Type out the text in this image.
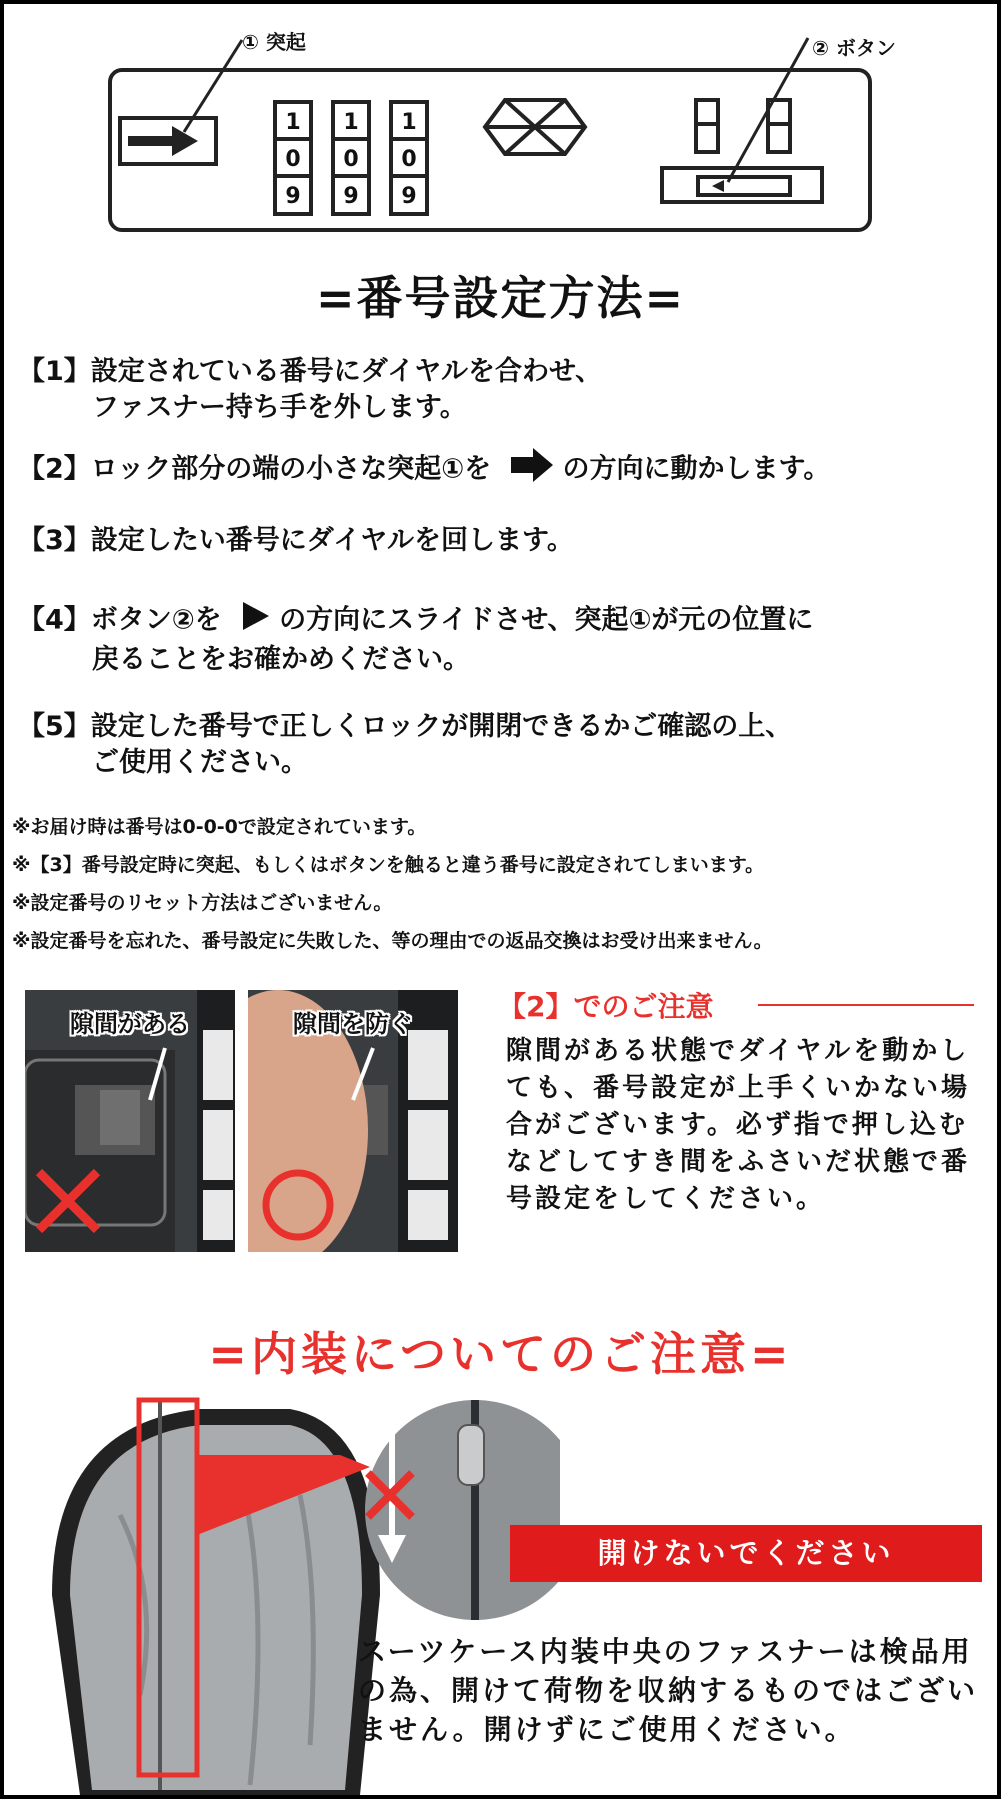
1
0
9
1
0
9
1
0
9
① 突起	② ボタン
=番号設定方法=
【1】設定されている番号にダイヤルを合わせ、
ファスナー持ち手を外します。
【2】ロック部分の端の小さな突起①を	の方向に動かします。
【3】設定したい番号にダイヤルを回します。
【4】ボタン②を の方向にスライドさせ、突起①が元の位置に
戻ることをお確かめください。
【5】設定した番号で正しくロックが開閉できるかご確認の上、
ご使用ください。
※お届け時は番号は0-0-0で設定されています。
※【3】番号設定時に突起、もしくはボタンを触ると違う番号に設定されてしまいます。
※設定番号のリセット方法はございません。
※設定番号を忘れた、番号設定に失敗した、等の理由での返品交換はお受け出来ません。
隙間がある	隙間を防ぐ
【2】でのご注意
隙間がある状態でダイヤルを動かしても、番号設定が上手くいかない場合がございます。必ず指で押し込むなどしてすき間をふさいだ状態で番号設定をしてください。
=内装についてのご注意=
開けないでください
スーツケース内装中央のファスナーは検品用の為、開けて荷物を収納するものではございません。開けずにご使用ください。
